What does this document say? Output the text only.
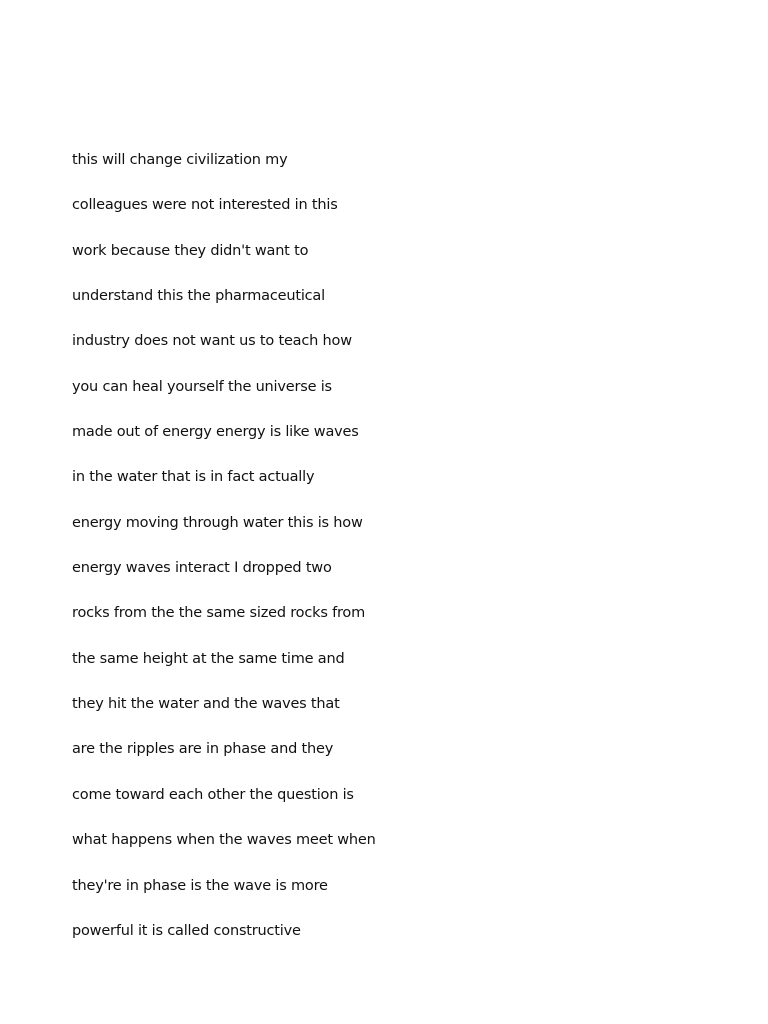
this will change civilization my
colleagues were not interested in this
work because they didn't want to
understand this the pharmaceutical
industry does not want us to teach how
you can heal yourself the universe is
made out of energy energy is like waves
in the water that is in fact actually
energy moving through water this is how
energy waves interact I dropped two
rocks from the the same sized rocks from
the same height at the same time and
they hit the water and the waves that
are the ripples are in phase and they
come toward each other the question is
what happens when the waves meet when
they're in phase is the wave is more
powerful it is called constructive
